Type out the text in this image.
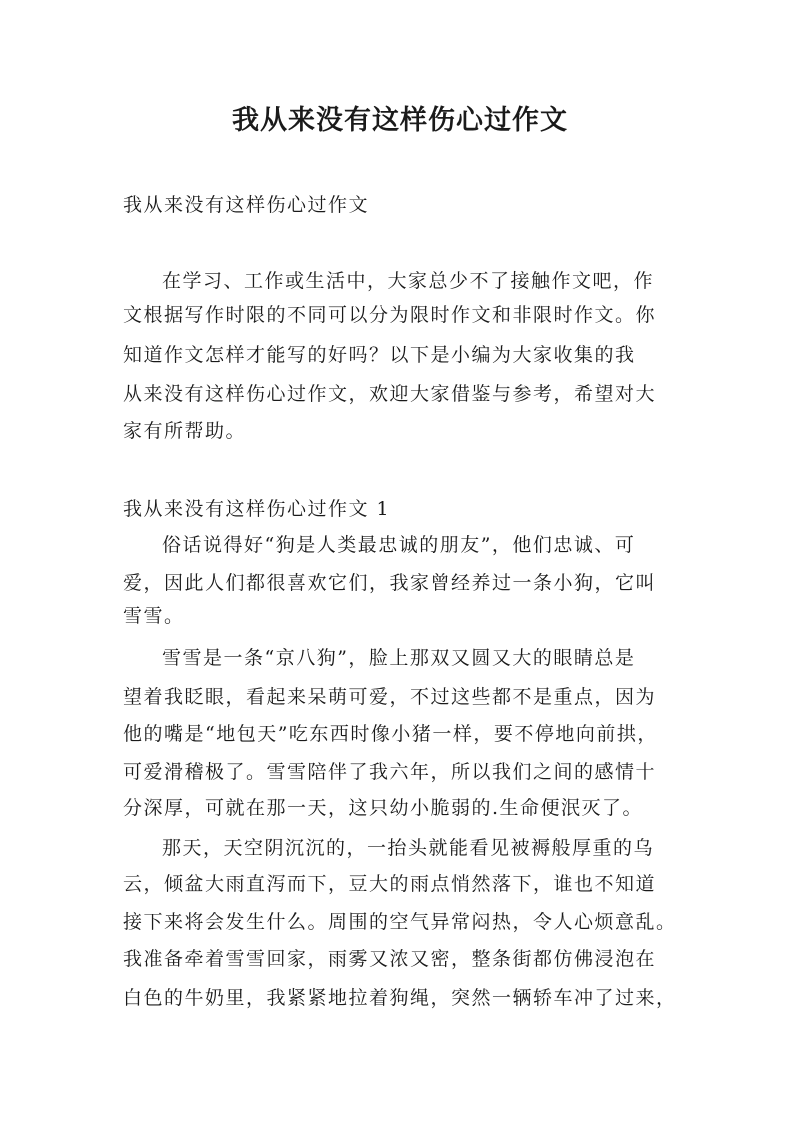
我从来没有这样伤心过作文
我从来没有这样伤心过作文
在学习、工作或生活中，大家总少不了接触作文吧，作
文根据写作时限的不同可以分为限时作文和非限时作文。你
知道作文怎样才能写的好吗？以下是小编为大家收集的我
从来没有这样伤心过作文，欢迎大家借鉴与参考，希望对大
家有所帮助。
我从来没有这样伤心过作文 1
俗话说得好“狗是人类最忠诚的朋友”，他们忠诚、可
爱，因此人们都很喜欢它们，我家曾经养过一条小狗，它叫
雪雪。
雪雪是一条“京八狗”，脸上那双又圆又大的眼睛总是
望着我眨眼，看起来呆萌可爱，不过这些都不是重点，因为
他的嘴是“地包天”吃东西时像小猪一样，要不停地向前拱，
可爱滑稽极了。雪雪陪伴了我六年，所以我们之间的感情十
分深厚，可就在那一天，这只幼小脆弱的.生命便泯灭了。
那天，天空阴沉沉的，一抬头就能看见被褥般厚重的乌
云，倾盆大雨直泻而下，豆大的雨点悄然落下，谁也不知道
接下来将会发生什么。周围的空气异常闷热，令人心烦意乱。
我准备牵着雪雪回家，雨雾又浓又密，整条街都仿佛浸泡在
白色的牛奶里，我紧紧地拉着狗绳，突然一辆轿车冲了过来，
